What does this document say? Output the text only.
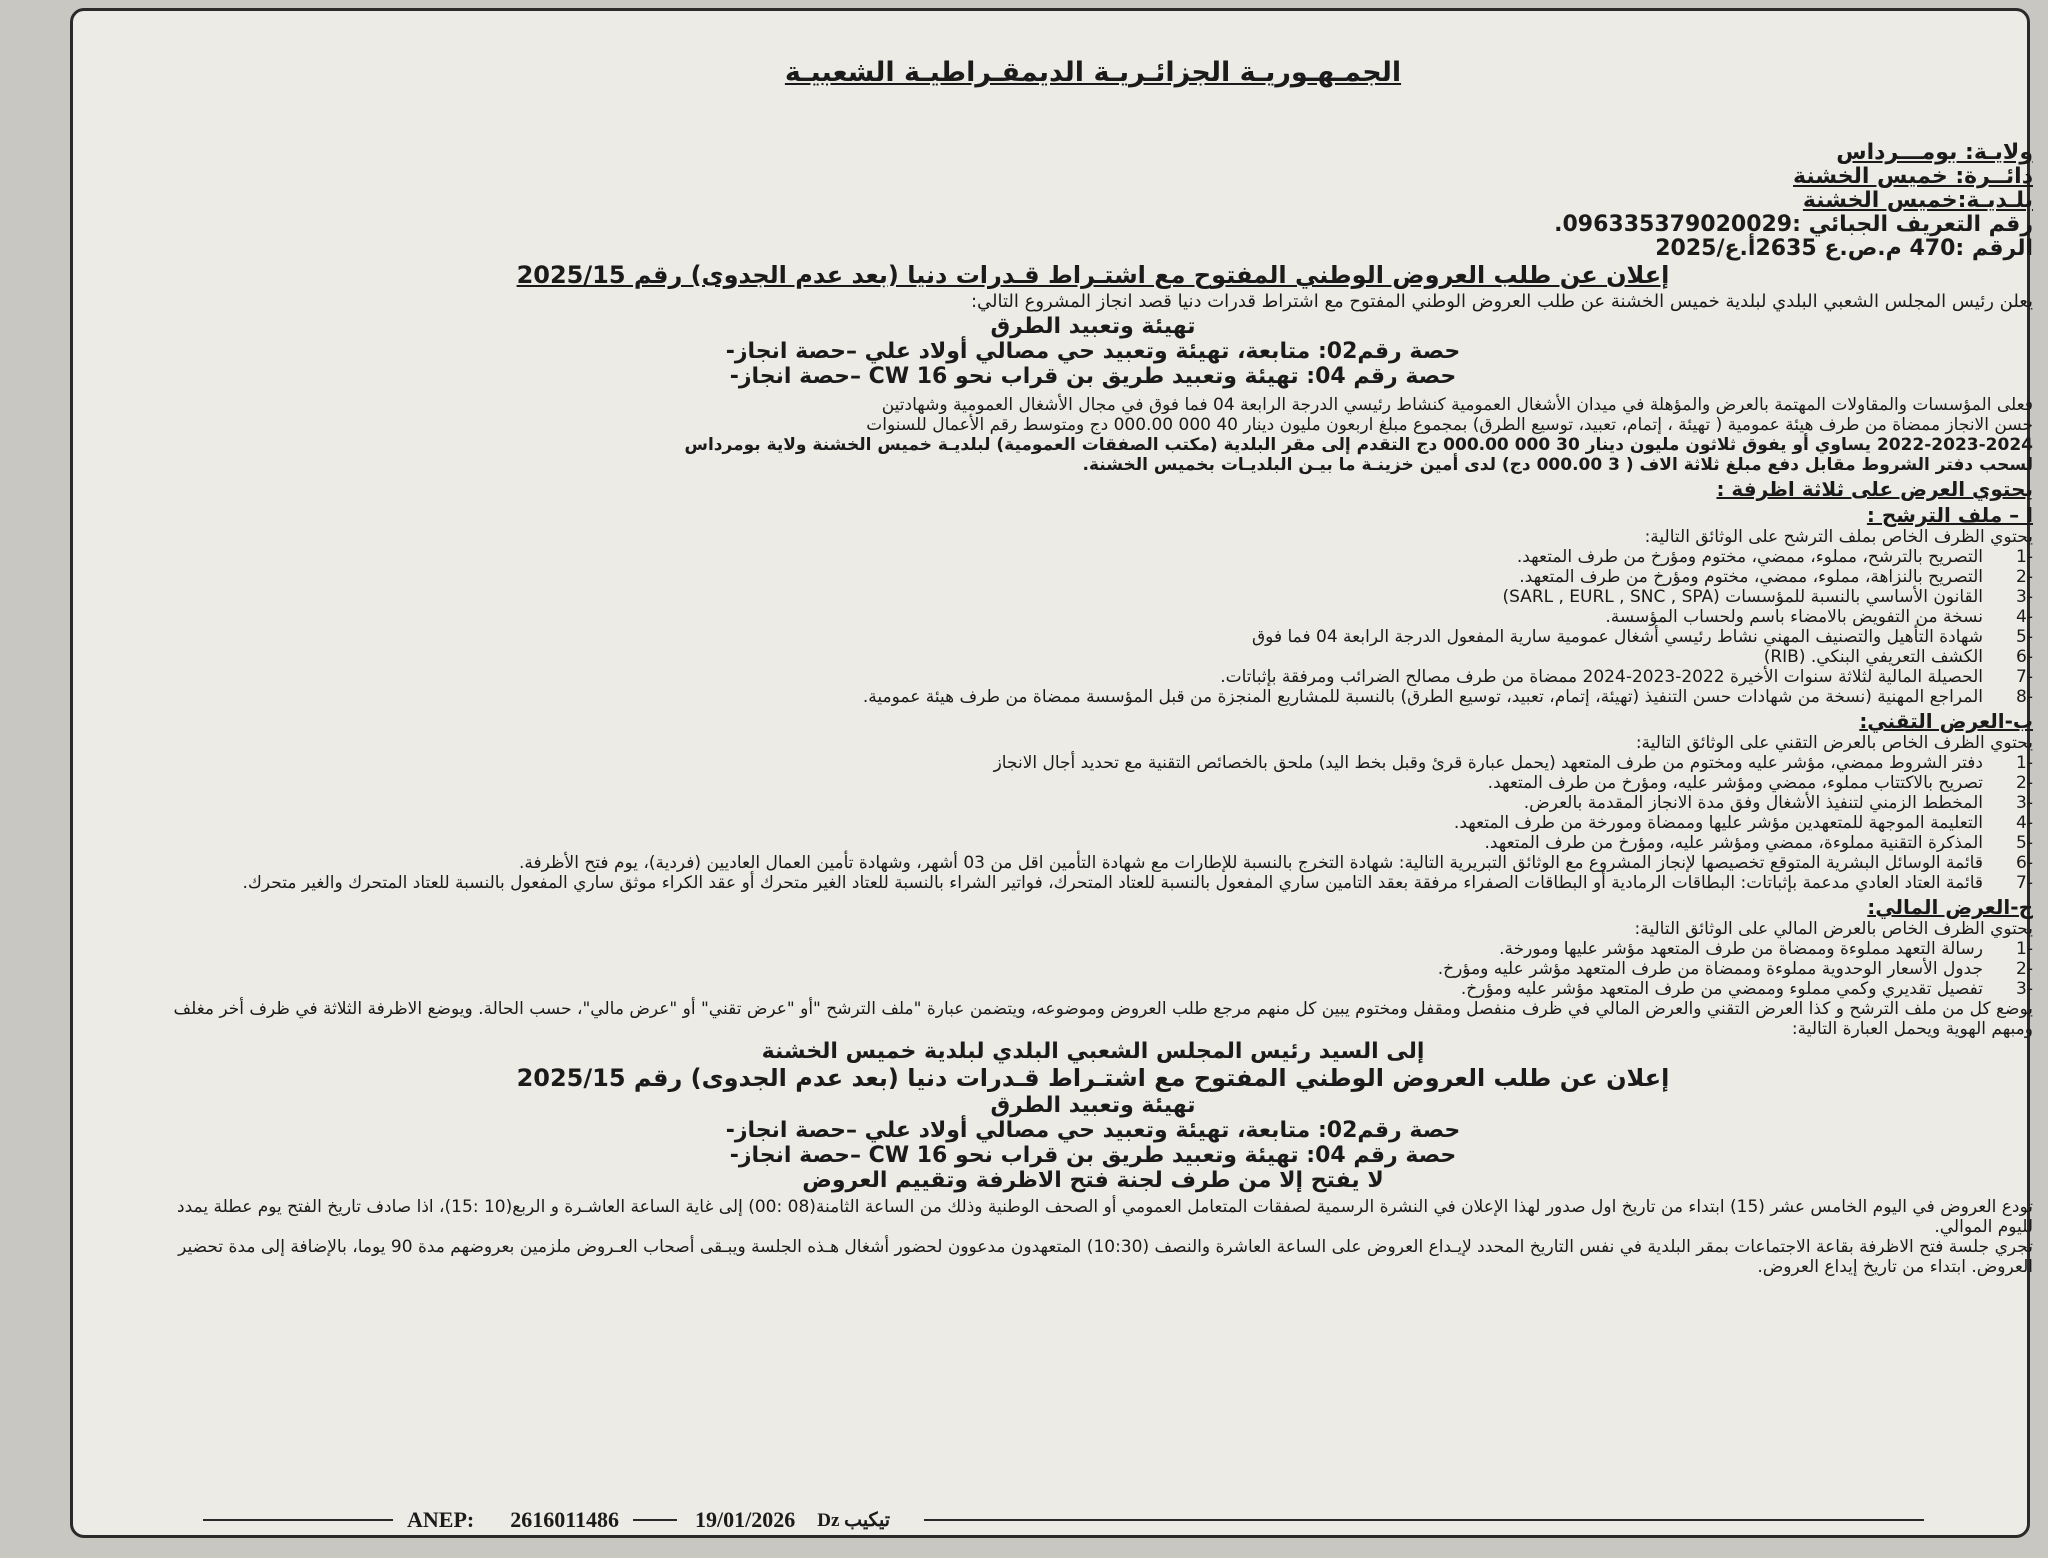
الجمـهـوريـة الجزائـريـة الديمقـراطيـة الشعبيـة
ولايـة: بومـــرداس
دائــرة: خميس الخشنة
بلـديـة:خميس الخشنة
رقم التعريف الجبائي :096335379020029.
الرقم :470 م.ص.ع 2635أ.ع/2025
إعلان عن طلب العروض الوطني المفتوح مع اشتـراط قـدرات دنيا (بعد عدم الجدوى) رقم 2025/15
يعلن رئيس المجلس الشعبي البلدي لبلدية خميس الخشنة عن طلب العروض الوطني المفتوح مع اشتراط قدرات دنيا قصد انجاز المشروع التالي:
تهيئة وتعبيد الطرق
حصة رقم02: متابعة، تهيئة وتعبيد حي مصالي أولاد علي –حصة انجاز-
حصة رقم 04: تهيئة وتعبيد طريق بن قراب نحو CW 16 –حصة انجاز-
فعلى المؤسسات والمقاولات المهتمة بالعرض والمؤهلة في ميدان الأشغال العمومية كنشاط رئيسي الدرجة الرابعة 04 فما فوق في مجال الأشغال العمومية وشهادتين
حسن الانجاز ممضاة من طرف هيئة عمومية ( تهيئة ، إتمام، تعبيد، توسيع الطرق) بمجموع مبلغ اربعون مليون دينار 40 000 000.00 دج ومتوسط رقم الأعمال للسنوات
2022-2023-2024 يساوي أو يفوق ثلاثون مليون دينار 30 000 000.00 دج التقدم إلى مقر البلدية (مكتب الصفقات العمومية) لبلديـة خميس الخشنة ولاية بومرداس
لسحب دفتر الشروط مقابل دفع مبلغ ثلاثة الاف ( 3 000.00 دج) لدى أمين خزينـة ما بيـن البلديـات بخميس الخشنة.
يحتوي العرض على ثلاثة اظرفة :
ا – ملف الترشح :
يحتوي الظرف الخاص بملف الترشح على الوثائق التالية:
-1
التصريح بالترشح، مملوء، ممضي، مختوم ومؤرخ من طرف المتعهد.
-2
التصريح بالنزاهة، مملوء، ممضي، مختوم ومؤرخ من طرف المتعهد.
-3
القانون الأساسي بالنسبة للمؤسسات (SARL , EURL , SNC , SPA)
-4
نسخة من التفويض بالامضاء باسم ولحساب المؤسسة.
-5
شهادة التأهيل والتصنيف المهني نشاط رئيسي أشغال عمومية سارية المفعول الدرجة الرابعة 04 فما فوق
-6
الكشف التعريفي البنكي. (RIB)
-7
الحصيلة المالية لثلاثة سنوات الأخيرة 2022-2023-2024 ممضاة من طرف مصالح الضرائب ومرفقة بإثباتات.
-8
المراجع المهنية (نسخة من شهادات حسن التنفيذ (تهيئة، إتمام، تعبيد، توسيع الطرق) بالنسبة للمشاريع المنجزة من قبل المؤسسة ممضاة من طرف هيئة عمومية.
ب-العرض التقني:
يحتوي الظرف الخاص بالعرض التقني على الوثائق التالية:
-1
دفتر الشروط ممضي، مؤشر عليه ومختوم من طرف المتعهد (يحمل عبارة قرئ وقبل بخط اليد) ملحق بالخصائص التقنية مع تحديد أجال الانجاز
-2
تصريح بالاكتتاب مملوء، ممضي ومؤشر عليه، ومؤرخ من طرف المتعهد.
-3
المخطط الزمني لتنفيذ الأشغال وفق مدة الانجاز المقدمة بالعرض.
-4
التعليمة الموجهة للمتعهدين مؤشر عليها وممضاة ومورخة من طرف المتعهد.
-5
المذكرة التقنية مملوءة، ممضي ومؤشر عليه، ومؤرخ من طرف المتعهد.
-6
قائمة الوسائل البشرية المتوقع تخصيصها لإنجاز المشروع مع الوثائق التبريرية التالية: شهادة التخرج بالنسبة للإطارات مع شهادة التأمين اقل من 03 أشهر، وشهادة تأمين العمال العاديين (فردية)، يوم فتح الأظرفة.
-7
قائمة العتاد العادي مدعمة بإثباتات: البطاقات الرمادية أو البطاقات الصفراء مرفقة بعقد التامين ساري المفعول بالنسبة للعتاد المتحرك، فواتير الشراء بالنسبة للعتاد الغير متحرك أو عقد الكراء موثق ساري المفعول بالنسبة للعتاد المتحرك والغير متحرك.
ج-العرض المالي:
يحتوي الظرف الخاص بالعرض المالي على الوثائق التالية:
-1
رسالة التعهد مملوءة وممضاة من طرف المتعهد مؤشر عليها ومورخة.
-2
جدول الأسعار الوحدوية مملوءة وممضاة من طرف المتعهد مؤشر عليه ومؤرخ.
-3
تفصيل تقديري وكمي مملوء وممضي من طرف المتعهد مؤشر عليه ومؤرخ.
يوضع كل من ملف الترشح و كذا العرض التقني والعرض المالي في ظرف منفصل ومقفل ومختوم يبين كل منهم مرجع طلب العروض وموضوعه، ويتضمن عبارة "ملف الترشح "أو "عرض تقني" أو "عرض مالي"، حسب الحالة. ويوضع الاظرفة الثلاثة في ظرف أخر مغلف ومبهم الهوية ويحمل العبارة التالية:
إلى السيد رئيس المجلس الشعبي البلدي لبلدية خميس الخشنة
إعلان عن طلب العروض الوطني المفتوح مع اشتـراط قـدرات دنيا (بعد عدم الجدوى) رقم 2025/15
تهيئة وتعبيد الطرق
حصة رقم02: متابعة، تهيئة وتعبيد حي مصالي أولاد علي –حصة انجاز-
حصة رقم 04: تهيئة وتعبيد طريق بن قراب نحو CW 16 –حصة انجاز-
لا يفتح إلا من طرف لجنة فتح الاظرفة وتقييم العروض
تودع العروض في اليوم الخامس عشر (15) ابتداء من تاريخ اول صدور لهذا الإعلان في النشرة الرسمية لصفقات المتعامل العمومي أو الصحف الوطنية وذلك من الساعة الثامنة(08 :00) إلى غاية الساعة العاشـرة و الربع(10 :15)، اذا صادف تاريخ الفتح يوم عطلة يمدد لليوم الموالي.
تجري جلسة فتح الاظرفة بقاعة الاجتماعات بمقر البلدية في نفس التاريخ المحدد لإيـداع العروض على الساعة العاشرة والنصف (10:30) المتعهدون مدعوون لحضور أشغال هـذه الجلسة ويبـقى أصحاب العـروض ملزمين بعروضهم مدة 90 يوما، بالإضافة إلى مدة تحضير العروض. ابتداء من تاريخ إيداع العروض.
ANEP: 2616011486	19/01/2026 Dz تيكيب
